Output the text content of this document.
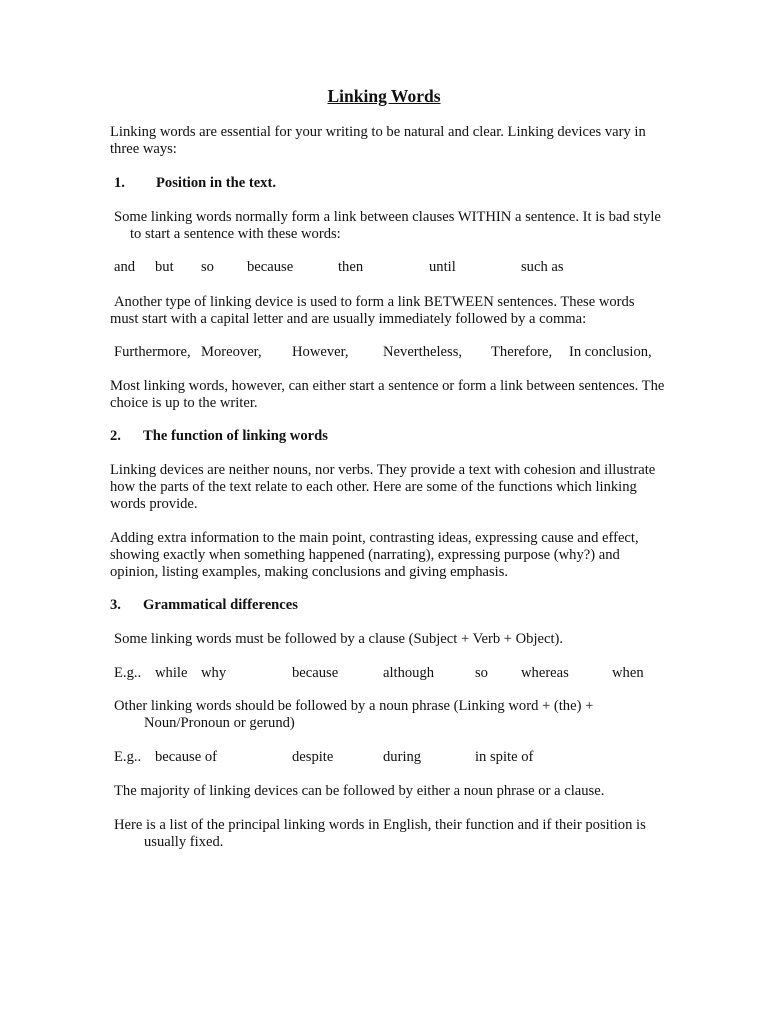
Linking Words

Linking words are essential for your writing to be natural and clear. Linking devices vary in three ways:

1. Position in the text.

Some linking words normally form a link between clauses WITHIN a sentence. It is bad style to start a sentence with these words:

and but so because	then	until	such as

Another type of linking device is used to form a link BETWEEN sentences. These words must start with a capital letter and are usually immediately followed by a comma:

Furthermore, Moreover, However, Nevertheless, Therefore, In conclusion,

Most linking words, however, can either start a sentence or form a link between sentences. The choice is up to the writer.

2. The function of linking words

Linking devices are neither nouns, nor verbs. They provide a text with cohesion and illustrate how the parts of the text relate to each other. Here are some of the functions which linking words provide.

Adding extra information to the main point, contrasting ideas, expressing cause and effect, showing exactly when something happened (narrating), expressing purpose (why?) and opinion, listing examples, making conclusions and giving emphasis.

3. Grammatical differences

Some linking words must be followed by a clause (Subject + Verb + Object).

E.g.. while why	because	although	so whereas	when

Other linking words should be followed by a noun phrase (Linking word + (the) + Noun/Pronoun or gerund)

E.g.. because of	despite	during	in spite of

The majority of linking devices can be followed by either a noun phrase or a clause.

Here is a list of the principal linking words in English, their function and if their position is usually fixed.
